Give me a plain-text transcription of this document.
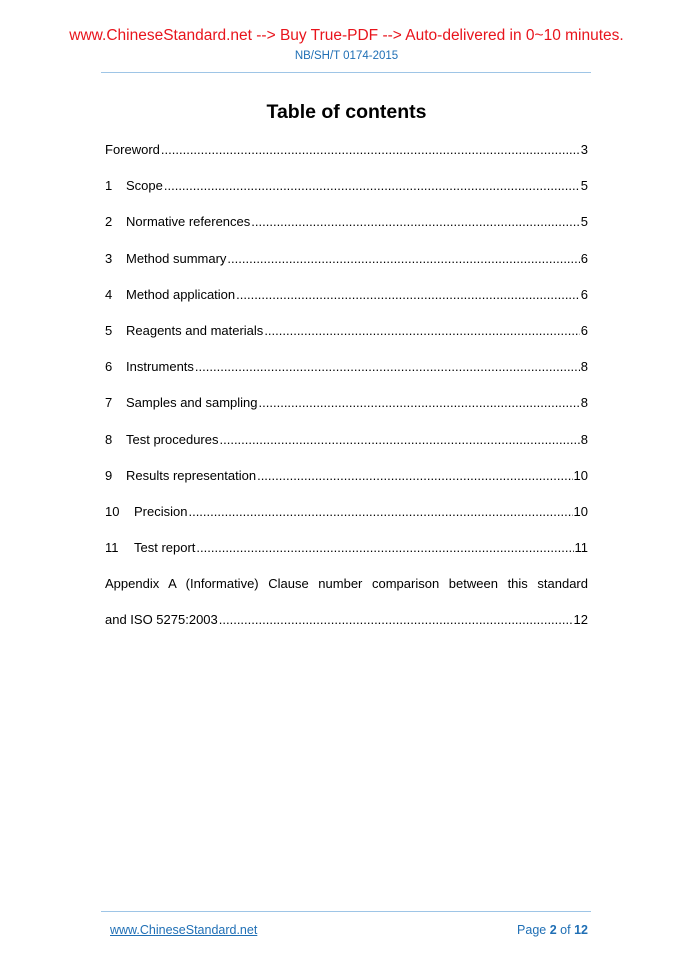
www.ChineseStandard.net --> Buy True-PDF --> Auto-delivered in 0~10 minutes.
NB/SH/T 0174-2015
Table of contents
Foreword .....	3
1	Scope .....	5
2	Normative references .....	5
3	Method summary .....	6
4	Method application .....	6
5	Reagents and materials .....	6
6	Instruments .....	8
7	Samples and sampling .....	8
8	Test procedures .....	8
9	Results representation .....	10
10	Precision .....	10
11	Test report .....	11
Appendix A (Informative) Clause number comparison between this standard
and ISO 5275:2003 .....	12
www.ChineseStandard.net	Page 2 of 12
